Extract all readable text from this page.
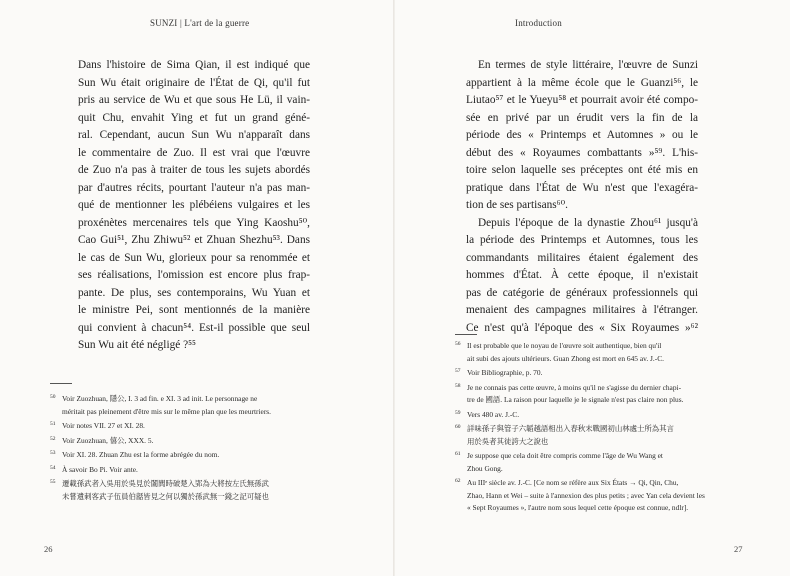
SUNZI | L'art de la guerre
Dans l'histoire de Sima Qian, il est indiqué que
Sun Wu était originaire de l'État de Qi, qu'il fut
pris au service de Wu et que sous He Lü, il vain-
quit Chu, envahit Ying et fut un grand géné-
ral. Cependant, aucun Sun Wu n'apparaît dans
le commentaire de Zuo. Il est vrai que l'œuvre
de Zuo n'a pas à traiter de tous les sujets abordés
par d'autres récits, pourtant l'auteur n'a pas man-
qué de mentionner les plébéiens vulgaires et les
proxénètes mercenaires tels que Ying Kaoshu⁵⁰,
Cao Gui⁵¹, Zhu Zhiwu⁵² et Zhuan Shezhu⁵³. Dans
le cas de Sun Wu, glorieux pour sa renommée et
ses réalisations, l'omission est encore plus frap-
pante. De plus, ses contemporains, Wu Yuan et
le ministre Pei, sont mentionnés de la manière
qui convient à chacun⁵⁴. Est-il possible que seul
Sun Wu ait été négligé ?⁵⁵
50 Voir Zuozhuan, 隱公, I. 3 ad fin. e XI. 3 ad init. Le personnage ne
méritait pas pleinement d'être mis sur le même plan que les meurtriers.
51 Voir notes VII. 27 et XI. 28.
52 Voir Zuozhuan, 僖公, XXX. 5.
53 Voir XI. 28. Zhuan Zhu est la forme abrégée du nom.
54 À savoir Bo Pi. Voir ante.
55 遷載孫武者入吳用於吳見於闔閭時破楚入郢為大將按左氏無孫武
未嘗遺刺客武子伍員伯嚭皆見之何以獨於孫武無一錢之記可疑也
26
Introduction
En termes de style littéraire, l'œuvre de Sunzi
appartient à la même école que le Guanzi⁵⁶, le
Liutao⁵⁷ et le Yueyu⁵⁸ et pourrait avoir été compo-
sée en privé par un érudit vers la fin de la
période des « Printemps et Automnes » ou le
début des « Royaumes combattants »⁵⁹. L'his-
toire selon laquelle ses préceptes ont été mis en
pratique dans l'État de Wu n'est que l'exagéra-
tion de ses partisans⁶⁰.
Depuis l'époque de la dynastie Zhou⁶¹ jusqu'à
la période des Printemps et Automnes, tous les
commandants militaires étaient également des
hommes d'État. À cette époque, il n'existait
pas de catégorie de généraux professionnels qui
menaient des campagnes militaires à l'étranger.
Ce n'est qu'à l'époque des « Six Royaumes »⁶²
56 Il est probable que le noyau de l'œuvre soit authentique, bien qu'il
ait subi des ajouts ultérieurs. Guan Zhong est mort en 645 av. J.-C.
57 Voir Bibliographie, p. 70.
58 Je ne connais pas cette œuvre, à moins qu'il ne s'agisse du dernier chapi-
tre de 國語. La raison pour laquelle je le signale n'est pas claire non plus.
59 Vers 480 av. J.-C.
60 詳味孫子與管子六韜越語相出入春秋末戰國初山林處士所為其言
用於吳者其徒誇大之說也
61 Je suppose que cela doit être compris comme l'âge de Wu Wang et
Zhou Gong.
62 Au IIIᵉ siècle av. J.-C. [Ce nom se réfère aux Six États → Qi, Qin, Chu,
Zhao, Hann et Wei – suite à l'annexion des plus petits ; avec Yan cela devient les
« Sept Royaumes », l'autre nom sous lequel cette époque est connue, ndlr].
27
